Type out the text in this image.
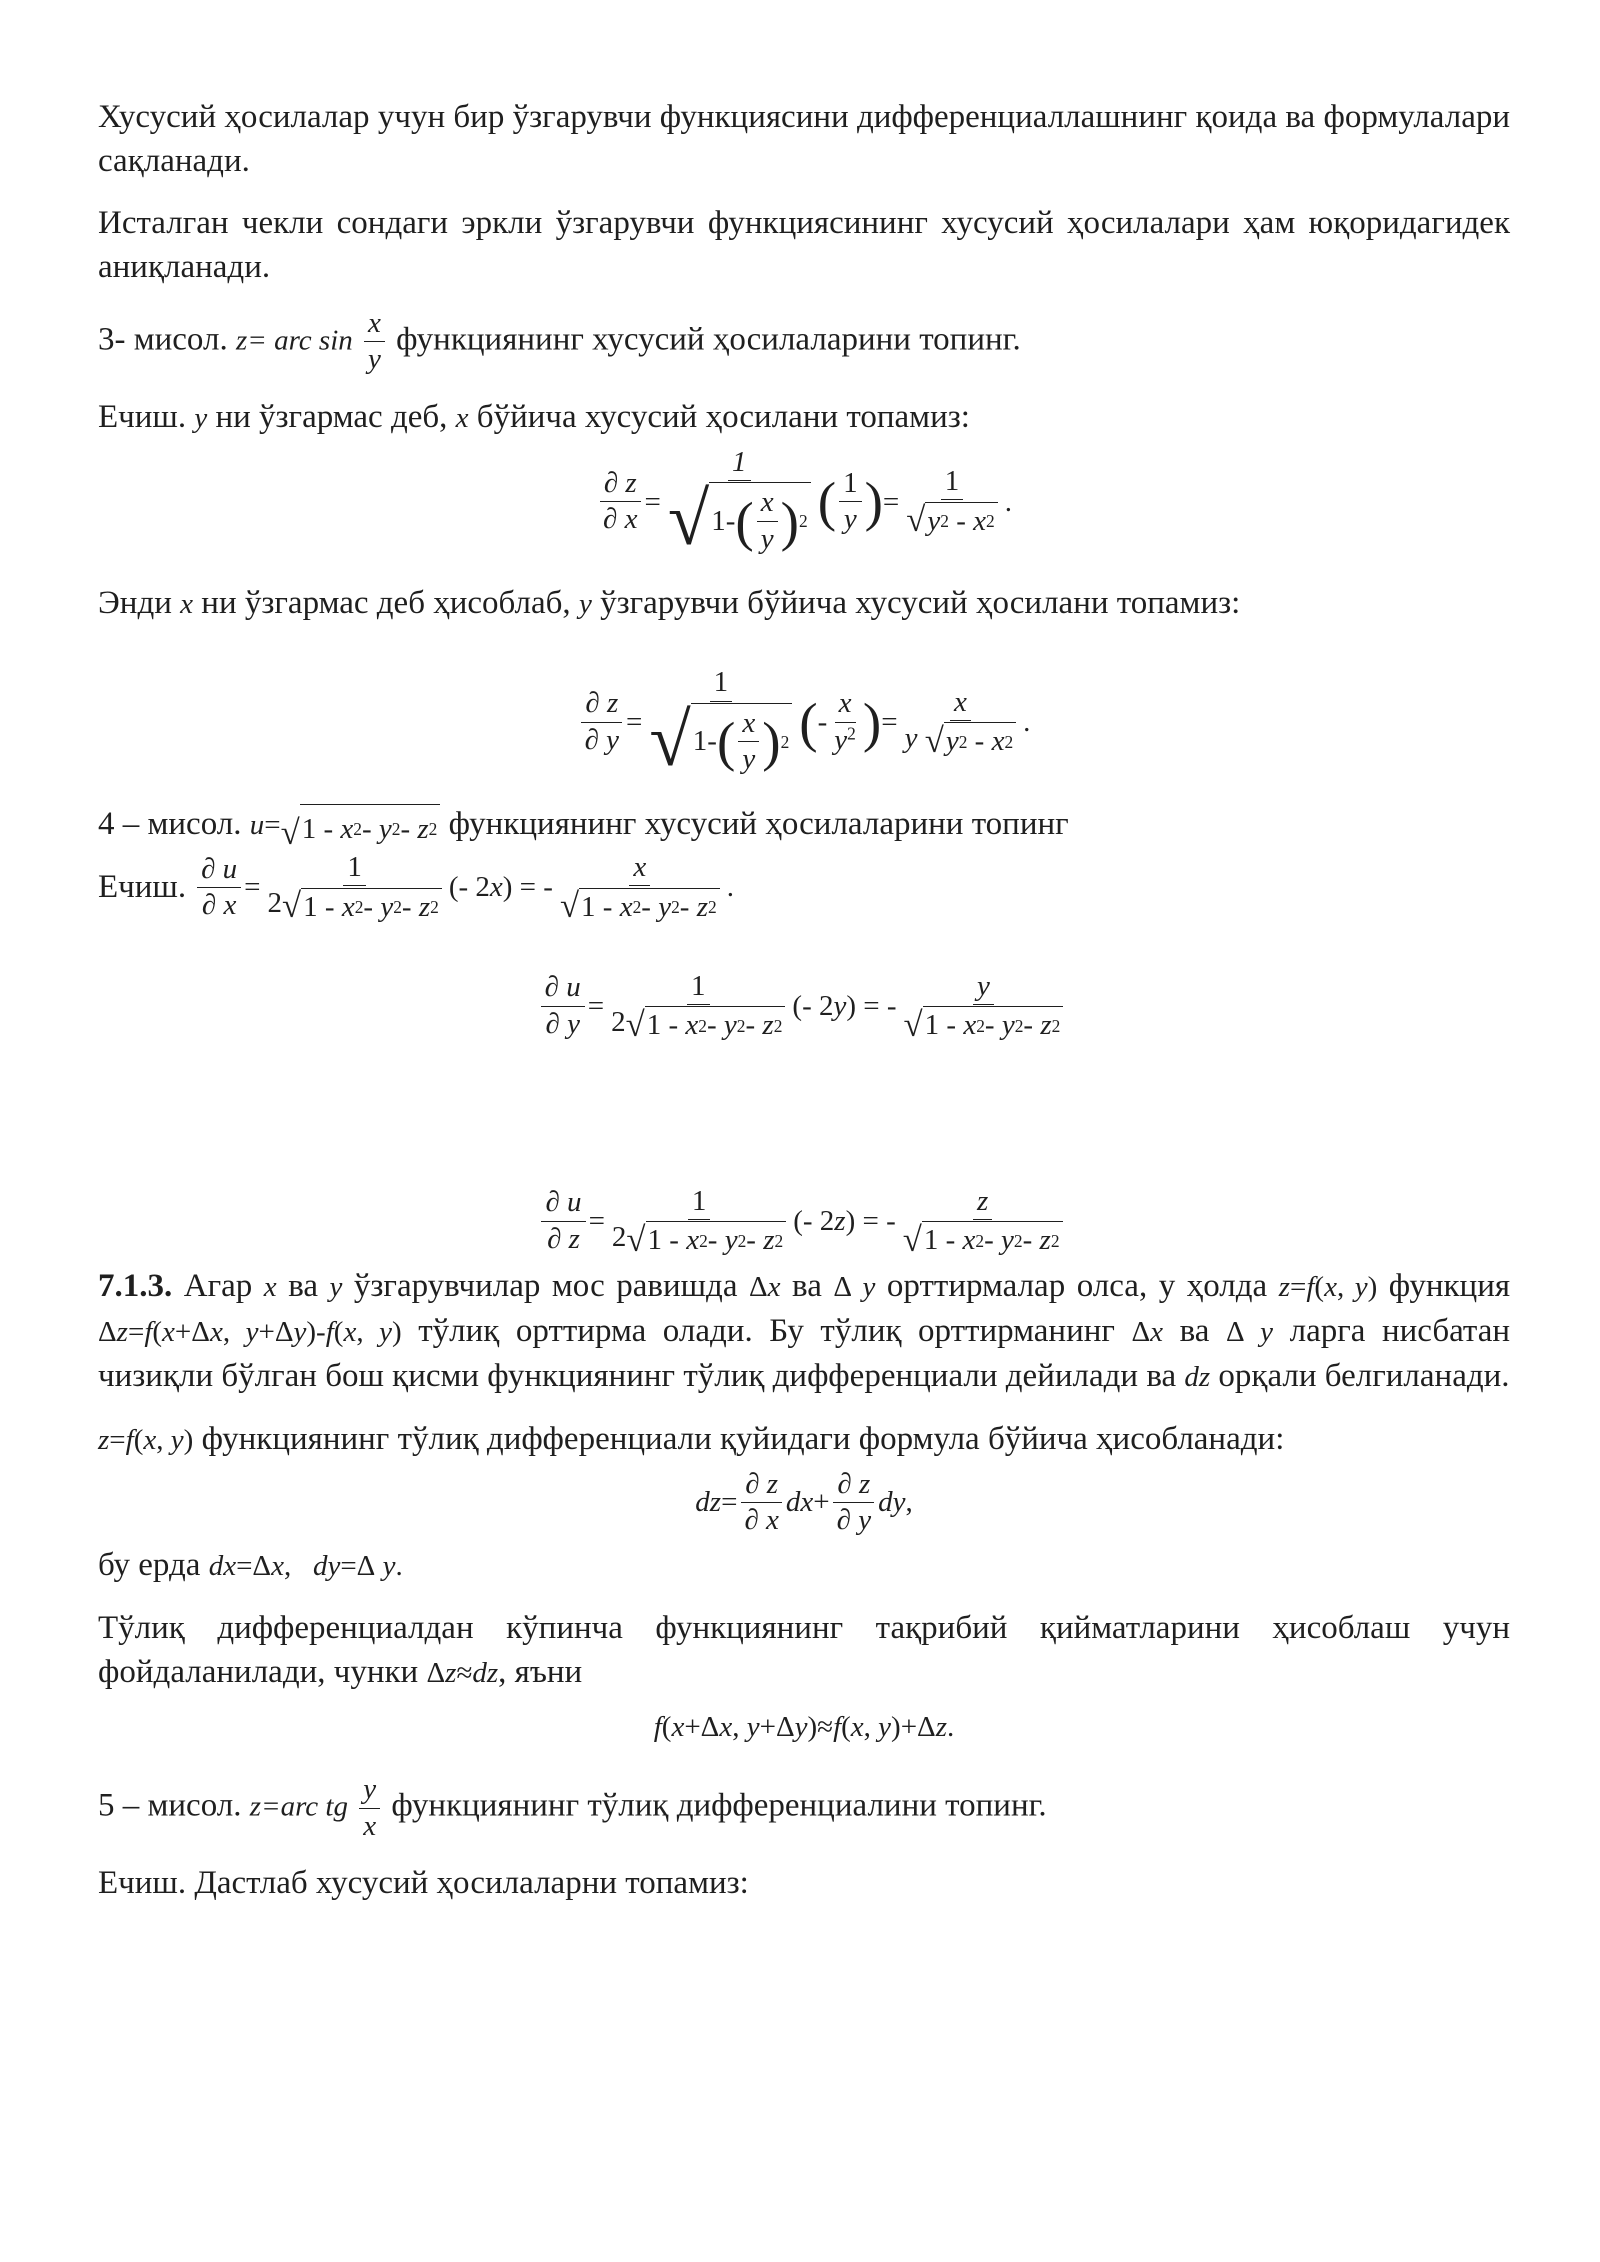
Хусусий ҳосилалар учун бир ўзгарувчи функциясини дифференциаллашнинг қоида ва формулалари сақланади.

Исталган чекли сондаги эркли ўзгарувчи функциясининг хусусий ҳосилалари ҳам юқоридагидек аниқланади.

3- мисол. z= arc $\sin \frac{x}{y}$ функциянинг хусусий ҳосилаларини топинг.

Ечиш. y ни ўзгармас деб, x бўйича хусусий ҳосилани топамиз:

$\frac{\partial z}{\partial x} = \frac{1}{√ 1- ( \frac{x}{y} ) 2}$ ( $\frac{1}{y}$ ) = $\frac{1}{√ y 2 - x 2}$ .

Энди x ни ўзгармас деб ҳисоблаб, y ўзгарувчи бўйича хусусий ҳосилани топамиз:

$\frac{\partial z}{\partial y} = \frac{1}{√ 1- ( \frac{x}{y} ) 2}$ ( - $\frac{x}{y^2}$ ) = $\frac{x}{y √ y 2 - x 2}$ .

4 – мисол. u= √ 1 - x 2 - y 2 - z 2 функциянинг хусусий ҳосилаларини топинг

Ечиш. $\frac{\partial u}{\partial x} = \frac{1}{2 √ 1 - x 2 - y 2 - z 2}$ (- 2 x ) = - $\frac{x}{√ 1 - x 2 - y 2 - z 2}$ .

$\frac{\partial u}{\partial y} = \frac{1}{2 √ 1 - x 2 - y 2 - z 2}$ (- 2 y ) = - $\frac{y}{√ 1 - x 2 - y 2 - z 2}$
$\frac{\partial u}{\partial z} = \frac{1}{2 √ 1 - x 2 - y 2 - z 2}$ (- 2 z ) = - $\frac{z}{√ 1 - x 2 - y 2 - z 2}$

7.1.3. Агар x ва y ўзгарувчилар мос равишда Δx ва Δ y орттирмалар олса, у ҳолда z=f(x, y) функция Δz=f(x+Δx, y+Δy)-f(x, y) тўлиқ орттирма олади. Бу тўлиқ орттирманинг Δx ва Δ y ларга нисбатан чизиқли бўлган бош қисми функциянинг тўлиқ дифференциали дейилади ва dz орқали белгиланади.

z=f(x, y) функциянинг тўлиқ дифференциали қуйидаги формула бўйича ҳисобланади:

dz = $\frac{\partial z}{\partial x}$ dx + $\frac{\partial z}{\partial y}$ dy ,

бу ерда dx=Δx,   dy=Δ y.

Тўлиқ дифференциалдан кўпинча функциянинг тақрибий қийматларини ҳисоблаш учун фойдаланилади, чунки Δz≈dz, яъни

f ( x +Δ x , y +Δ y )≈ f ( x , y )+Δ z .

5 – мисол. z=arc tg $\frac{y}{x}$ функциянинг тўлиқ дифференциалини топинг.

Ечиш. Дастлаб хусусий ҳосилаларни топамиз:
